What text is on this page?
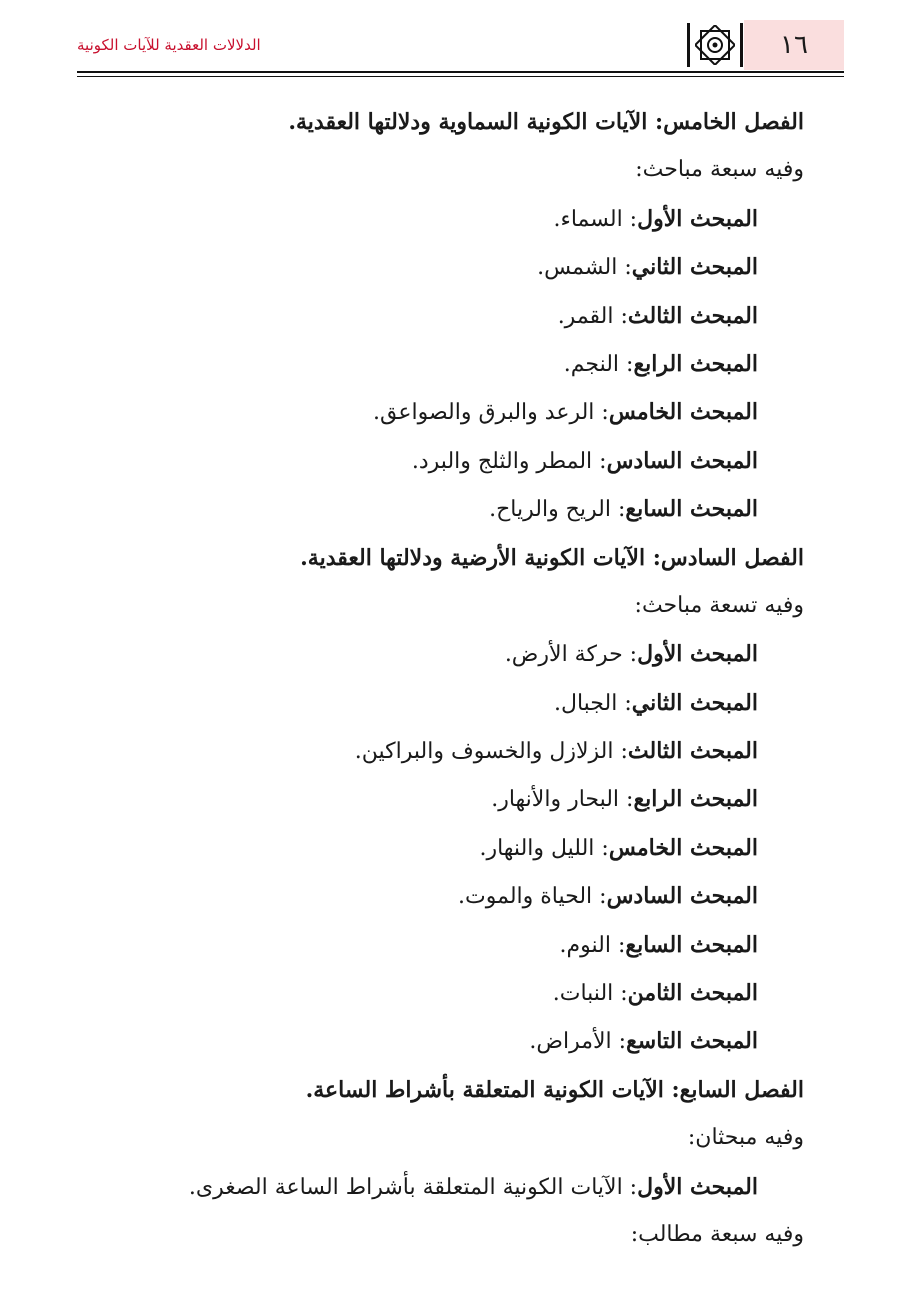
١٦
الدلالات العقدية للآيات الكونية
الفصل الخامس: الآيات الكونية السماوية ودلالتها العقدية.
وفيه سبعة مباحث:
المبحث الأول: السماء.
المبحث الثاني: الشمس.
المبحث الثالث: القمر.
المبحث الرابع: النجم.
المبحث الخامس: الرعد والبرق والصواعق.
المبحث السادس: المطر والثلج والبرد.
المبحث السابع: الريح والرياح.
الفصل السادس: الآيات الكونية الأرضية ودلالتها العقدية.
وفيه تسعة مباحث:
المبحث الأول: حركة الأرض.
المبحث الثاني: الجبال.
المبحث الثالث: الزلازل والخسوف والبراكين.
المبحث الرابع: البحار والأنهار.
المبحث الخامس: الليل والنهار.
المبحث السادس: الحياة والموت.
المبحث السابع: النوم.
المبحث الثامن: النبات.
المبحث التاسع: الأمراض.
الفصل السابع: الآيات الكونية المتعلقة بأشراط الساعة.
وفيه مبحثان:
المبحث الأول: الآيات الكونية المتعلقة بأشراط الساعة الصغرى.
وفيه سبعة مطالب:
